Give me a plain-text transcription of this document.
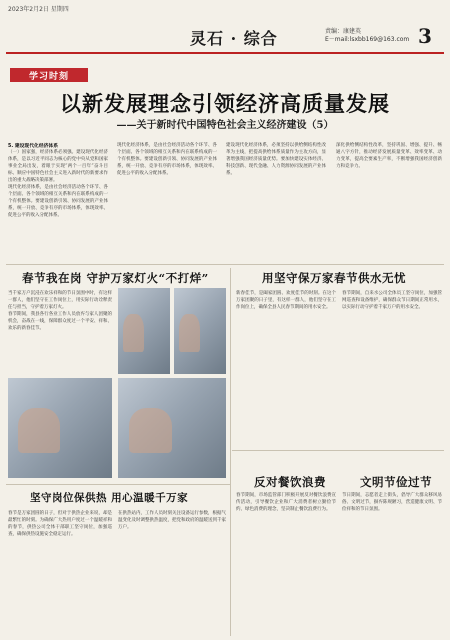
2023年2月2日 星期四
灵石 · 综合	责编：康建英
E－mail:lsxbb169@163.com 3
学习时刻
以新发展理念引领经济高质量发展
——关于新时代中国特色社会主义经济建设（5）

5. 建设现代化经济体系

（一）国家强，经济体系必须强。建设现代化经济体系，是以习近平同志为核心的党中央从党和国家事业全局出发，着眼于实现“两个一百年”奋斗目标、顺应中国特色社会主义进入新时代的新要求作出的重大战略决策部署。

现代化经济体系，是由社会经济活动各个环节、各个层面、各个领域的相互关系和内在联系构成的一个有机整体。要建设创新引领、协同发展的产业体系，统一开放、竞争有序的市场体系，体现效率、促进公平的收入分配体系。

现代化经济体系，是由社会经济活动各个环节、各个层面、各个领域的相互关系和内在联系构成的一个有机整体。要建设创新引领、协同发展的产业体系，统一开放、竞争有序的市场体系，体现效率、促进公平的收入分配体系。

建设现代化经济体系，必须坚持以供给侧结构性改革为主线，把提高供给体系质量作为主攻方向，显著增强我国经济质量优势。要加快建设实体经济、科技创新、现代金融、人力资源协同发展的产业体系。

深化供给侧结构性改革，坚持巩固、增强、提升、畅通八字方针，推动经济发展质量变革、效率变革、动力变革，提高全要素生产率，不断增强我国经济创新力和竞争力。

春节我在岗 守护万家灯火“不打烊”

当千家万户沉浸在欢乐祥和的节日氛围中时，有这样一群人，他们坚守在工作岗位上，用实际行动诠释责任与担当，守护着万家灯火。

春节期间，我县各行各业工作人员放弃与家人团聚的机会，奋战在一线，保障群众度过一个平安、祥和、欢乐的新春佳节。

用坚守保万家春节供水无忧

新春佳节，是阖家团圆、欢度佳节的时刻。在这个万家团聚的日子里，有这样一群人，他们坚守在工作岗位上，确保全县人民春节期间的用水安全。

春节期间，自来水公司全体员工坚守岗位，加强管网巡查和设备维护，确保群众节日期间正常用水，以实际行动守护着千家万户的用水安全。

坚守岗位保供热 用心温暖千万家

春节是万家团圆的日子，但对于供热企业来说，却是最繁忙的时刻。为确保广大热用户度过一个温暖祥和的春节，供热公司全体干部职工坚守岗位，加强巡查，确保供热设施安全稳定运行。

在供热站内，工作人员时刻关注设备运行参数，根据气温变化及时调整供热温度，把党和政府的温暖送到千家万户。

反对餐饮浪费

春节期间，市场监管部门积极开展反对餐饮浪费宣传活动，引导餐饮企业和广大消费者树立勤俭节约、绿色消费的理念，坚决制止餐饮浪费行为。

文明节俭过节

节日期间，志愿者走上街头，倡导广大群众移风易俗、文明过节，摒弃陈规陋习，营造健康文明、节俭祥和的节日氛围。
